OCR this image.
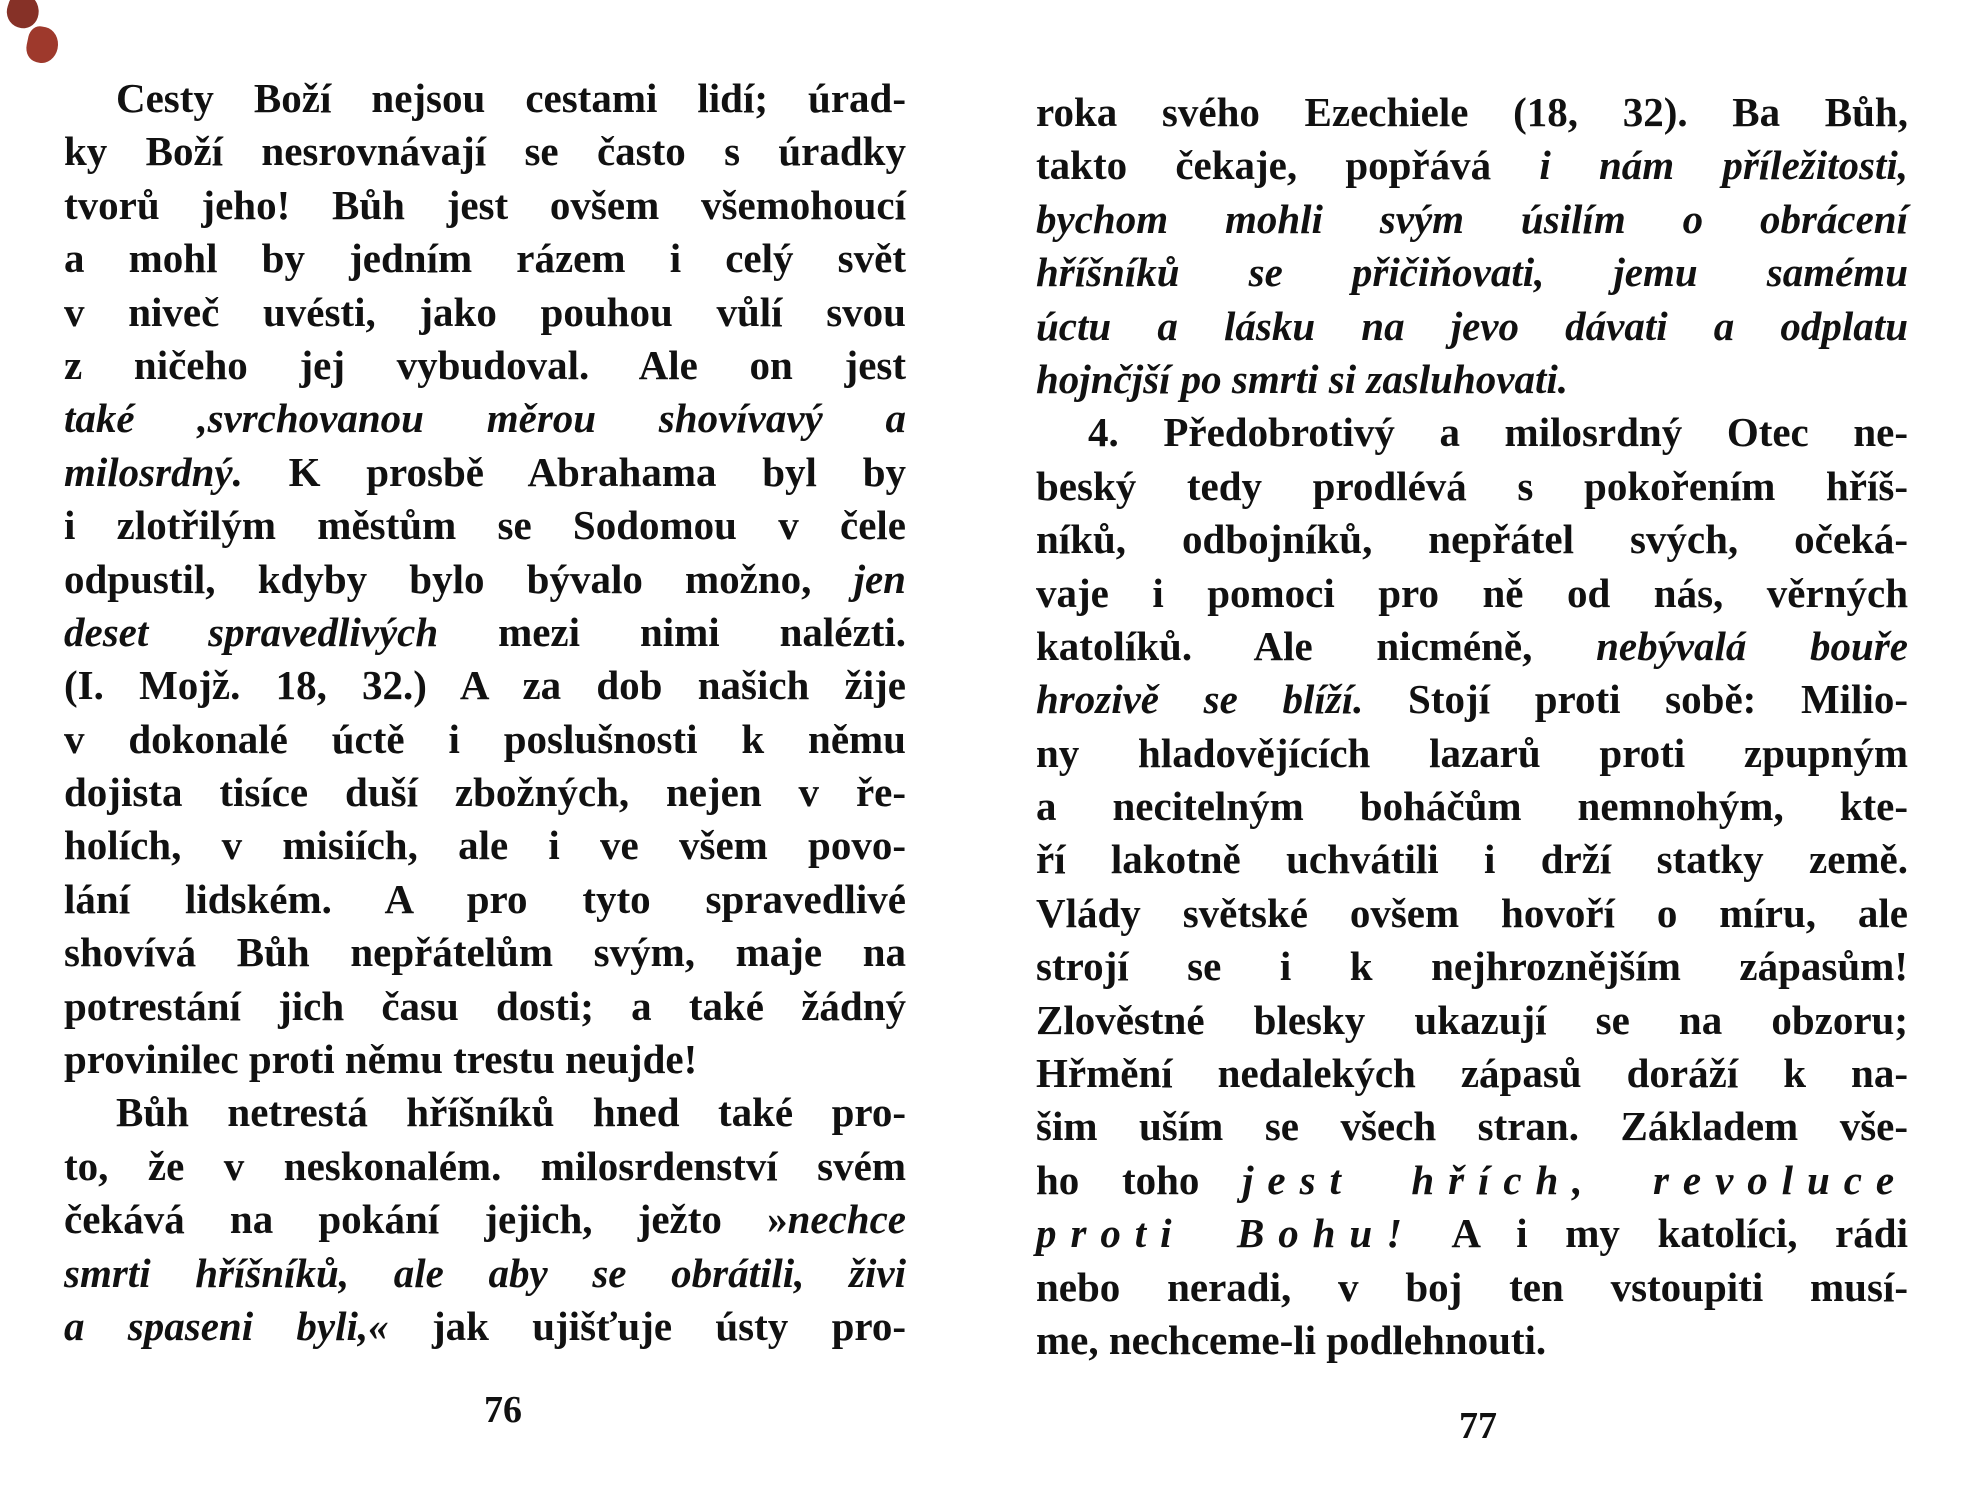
Cesty Boží nejsou cestami lidí; úrad-
ky Boží nesrovnávají se často s úradky
tvorů jeho! Bůh jest ovšem všemohoucí
a mohl by jedním rázem i celý svět
v niveč uvésti, jako pouhou vůlí svou
z ničeho jej vybudoval. Ale on jest
také ,svrchovanou měrou shovívavý a
milosrdný. K prosbě Abrahama byl by
i zlotřilým městům se Sodomou v čele
odpustil, kdyby bylo bývalo možno, jen
deset spravedlivých mezi nimi nalézti.
(I. Mojž. 18, 32.) A za dob našich žije
v dokonalé úctě i poslušnosti k němu
dojista tisíce duší zbožných, nejen v ře-
holích, v misiích, ale i ve všem povo-
lání lidském. A pro tyto spravedlivé
shovívá Bůh nepřátelům svým, maje na
potrestání jich času dosti; a také žádný
provinilec proti němu trestu neujde!
Bůh netrestá hříšníků hned také pro-
to, že v neskonalém. milosrdenství svém
čekává na pokání jejich, ježto »nechce
smrti hříšníků, ale aby se obrátili, živi
a spaseni byli,« jak ujišťuje ústy pro-
roka svého Ezechiele (18, 32). Ba Bůh,
takto čekaje, popřává i nám příležitosti,
bychom mohli svým úsilím o obrácení
hříšníků se přičiňovati, jemu samému
úctu a lásku na jevo dávati a odplatu
hojnčjší po smrti si zasluhovati.
4. Předobrotivý a milosrdný Otec ne-
beský tedy prodlévá s pokořením hříš-
níků, odbojníků, nepřátel svých, očeká-
vaje i pomoci pro ně od nás, věrných
katolíků. Ale nicméně, nebývalá bouře
hrozivě se blíží. Stojí proti sobě: Milio-
ny hladovějících lazarů proti zpupným
a necitelným boháčům nemnohým, kte-
ří lakotně uchvátili i drží statky země.
Vlády světské ovšem hovoří o míru, ale
strojí se i k nejhroznějším zápasům!
Zlověstné blesky ukazují se na obzoru;
Hřmění nedalekých zápasů doráží k na-
šim uším se všech stran. Základem vše-
ho toho jest hřích, revoluce
proti Bohu! A i my katolíci, rádi
nebo neradi, v boj ten vstoupiti musí-
me, nechceme-li podlehnouti.
76	77
